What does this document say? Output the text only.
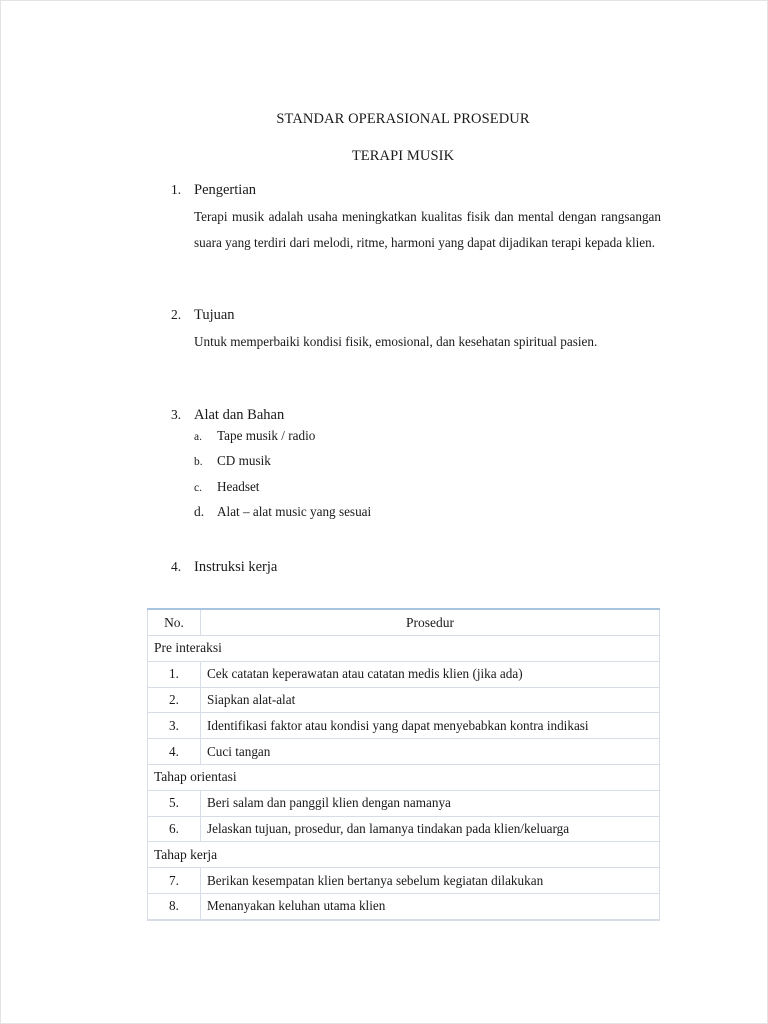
STANDAR OPERASIONAL PROSEDUR
TERAPI MUSIK
1. Pengertian
Terapi musik adalah usaha meningkatkan kualitas fisik dan mental dengan rangsangan suara yang terdiri dari melodi, ritme, harmoni yang dapat dijadikan terapi kepada klien.
2. Tujuan
Untuk memperbaiki kondisi fisik, emosional, dan kesehatan spiritual pasien.
3. Alat dan Bahan
a.	Tape musik / radio
b.	CD musik
c.	Headset
d. Alat – alat music yang sesuai
4. Instruksi kerja
No.	Prosedur
Pre interaksi	
1.	Cek catatan keperawatan atau catatan medis klien (jika ada)
2.	Siapkan alat-alat
3.	Identifikasi faktor atau kondisi yang dapat menyebabkan kontra indikasi
4.	Cuci tangan
Tahap orientasi	
5.	Beri salam dan panggil klien dengan namanya
6.	Jelaskan tujuan, prosedur, dan lamanya tindakan pada klien/keluarga
Tahap kerja	
7.	Berikan kesempatan klien bertanya sebelum kegiatan dilakukan
8.	Menanyakan keluhan utama klien
